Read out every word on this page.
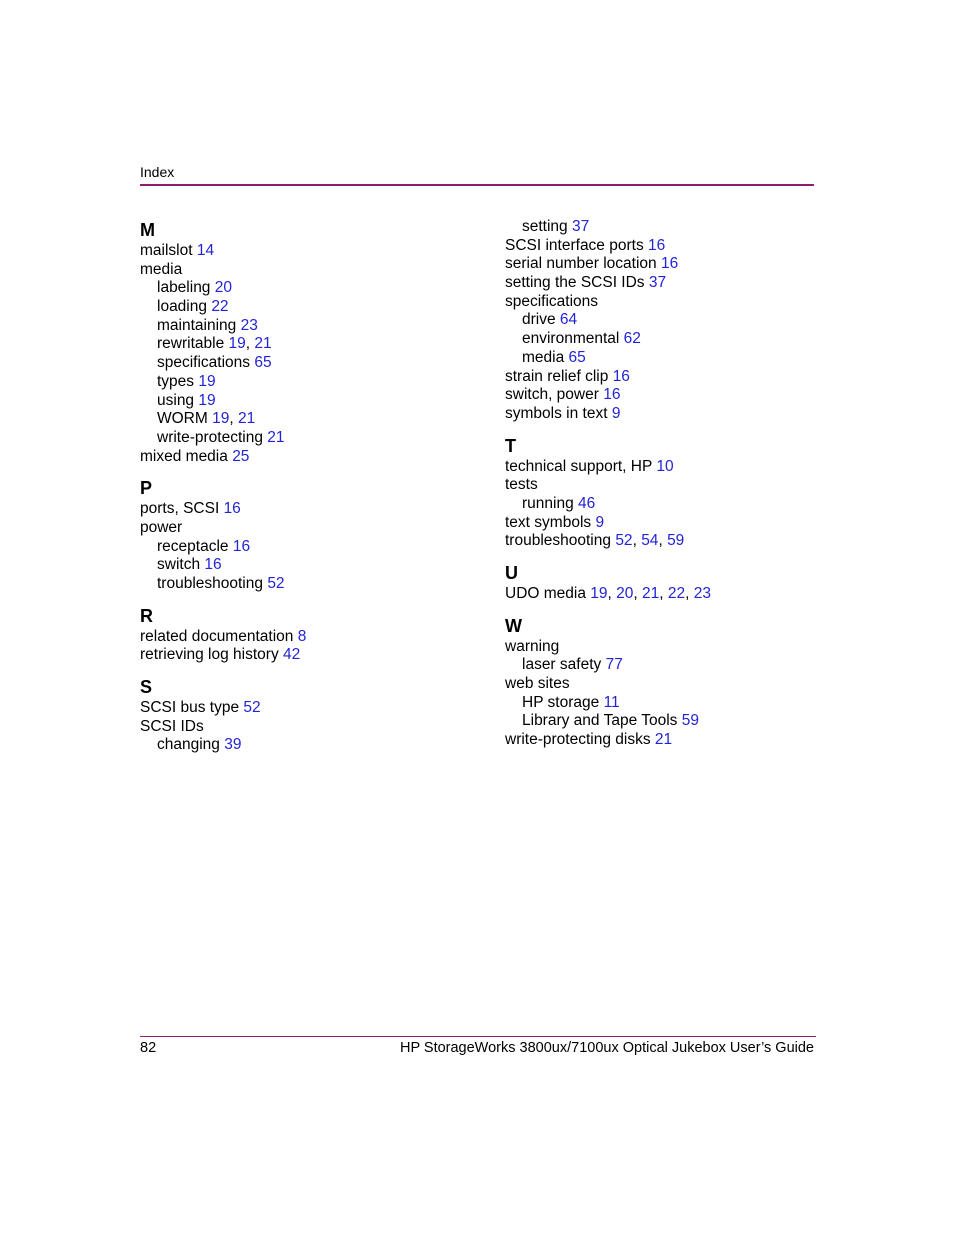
Index
M
mailslot 14
media
labeling 20
loading 22
maintaining 23
rewritable 19, 21
specifications 65
types 19
using 19
WORM 19, 21
write-protecting 21
mixed media 25
P
ports, SCSI 16
power
receptacle 16
switch 16
troubleshooting 52
R
related documentation 8
retrieving log history 42
S
SCSI bus type 52
SCSI IDs
changing 39
setting 37
SCSI interface ports 16
serial number location 16
setting the SCSI IDs 37
specifications
drive 64
environmental 62
media 65
strain relief clip 16
switch, power 16
symbols in text 9
T
technical support, HP 10
tests
running 46
text symbols 9
troubleshooting 52, 54, 59
U
UDO media 19, 20, 21, 22, 23
W
warning
laser safety 77
web sites
HP storage 11
Library and Tape Tools 59
write-protecting disks 21
82	HP StorageWorks 3800ux/7100ux Optical Jukebox User’s Guide
